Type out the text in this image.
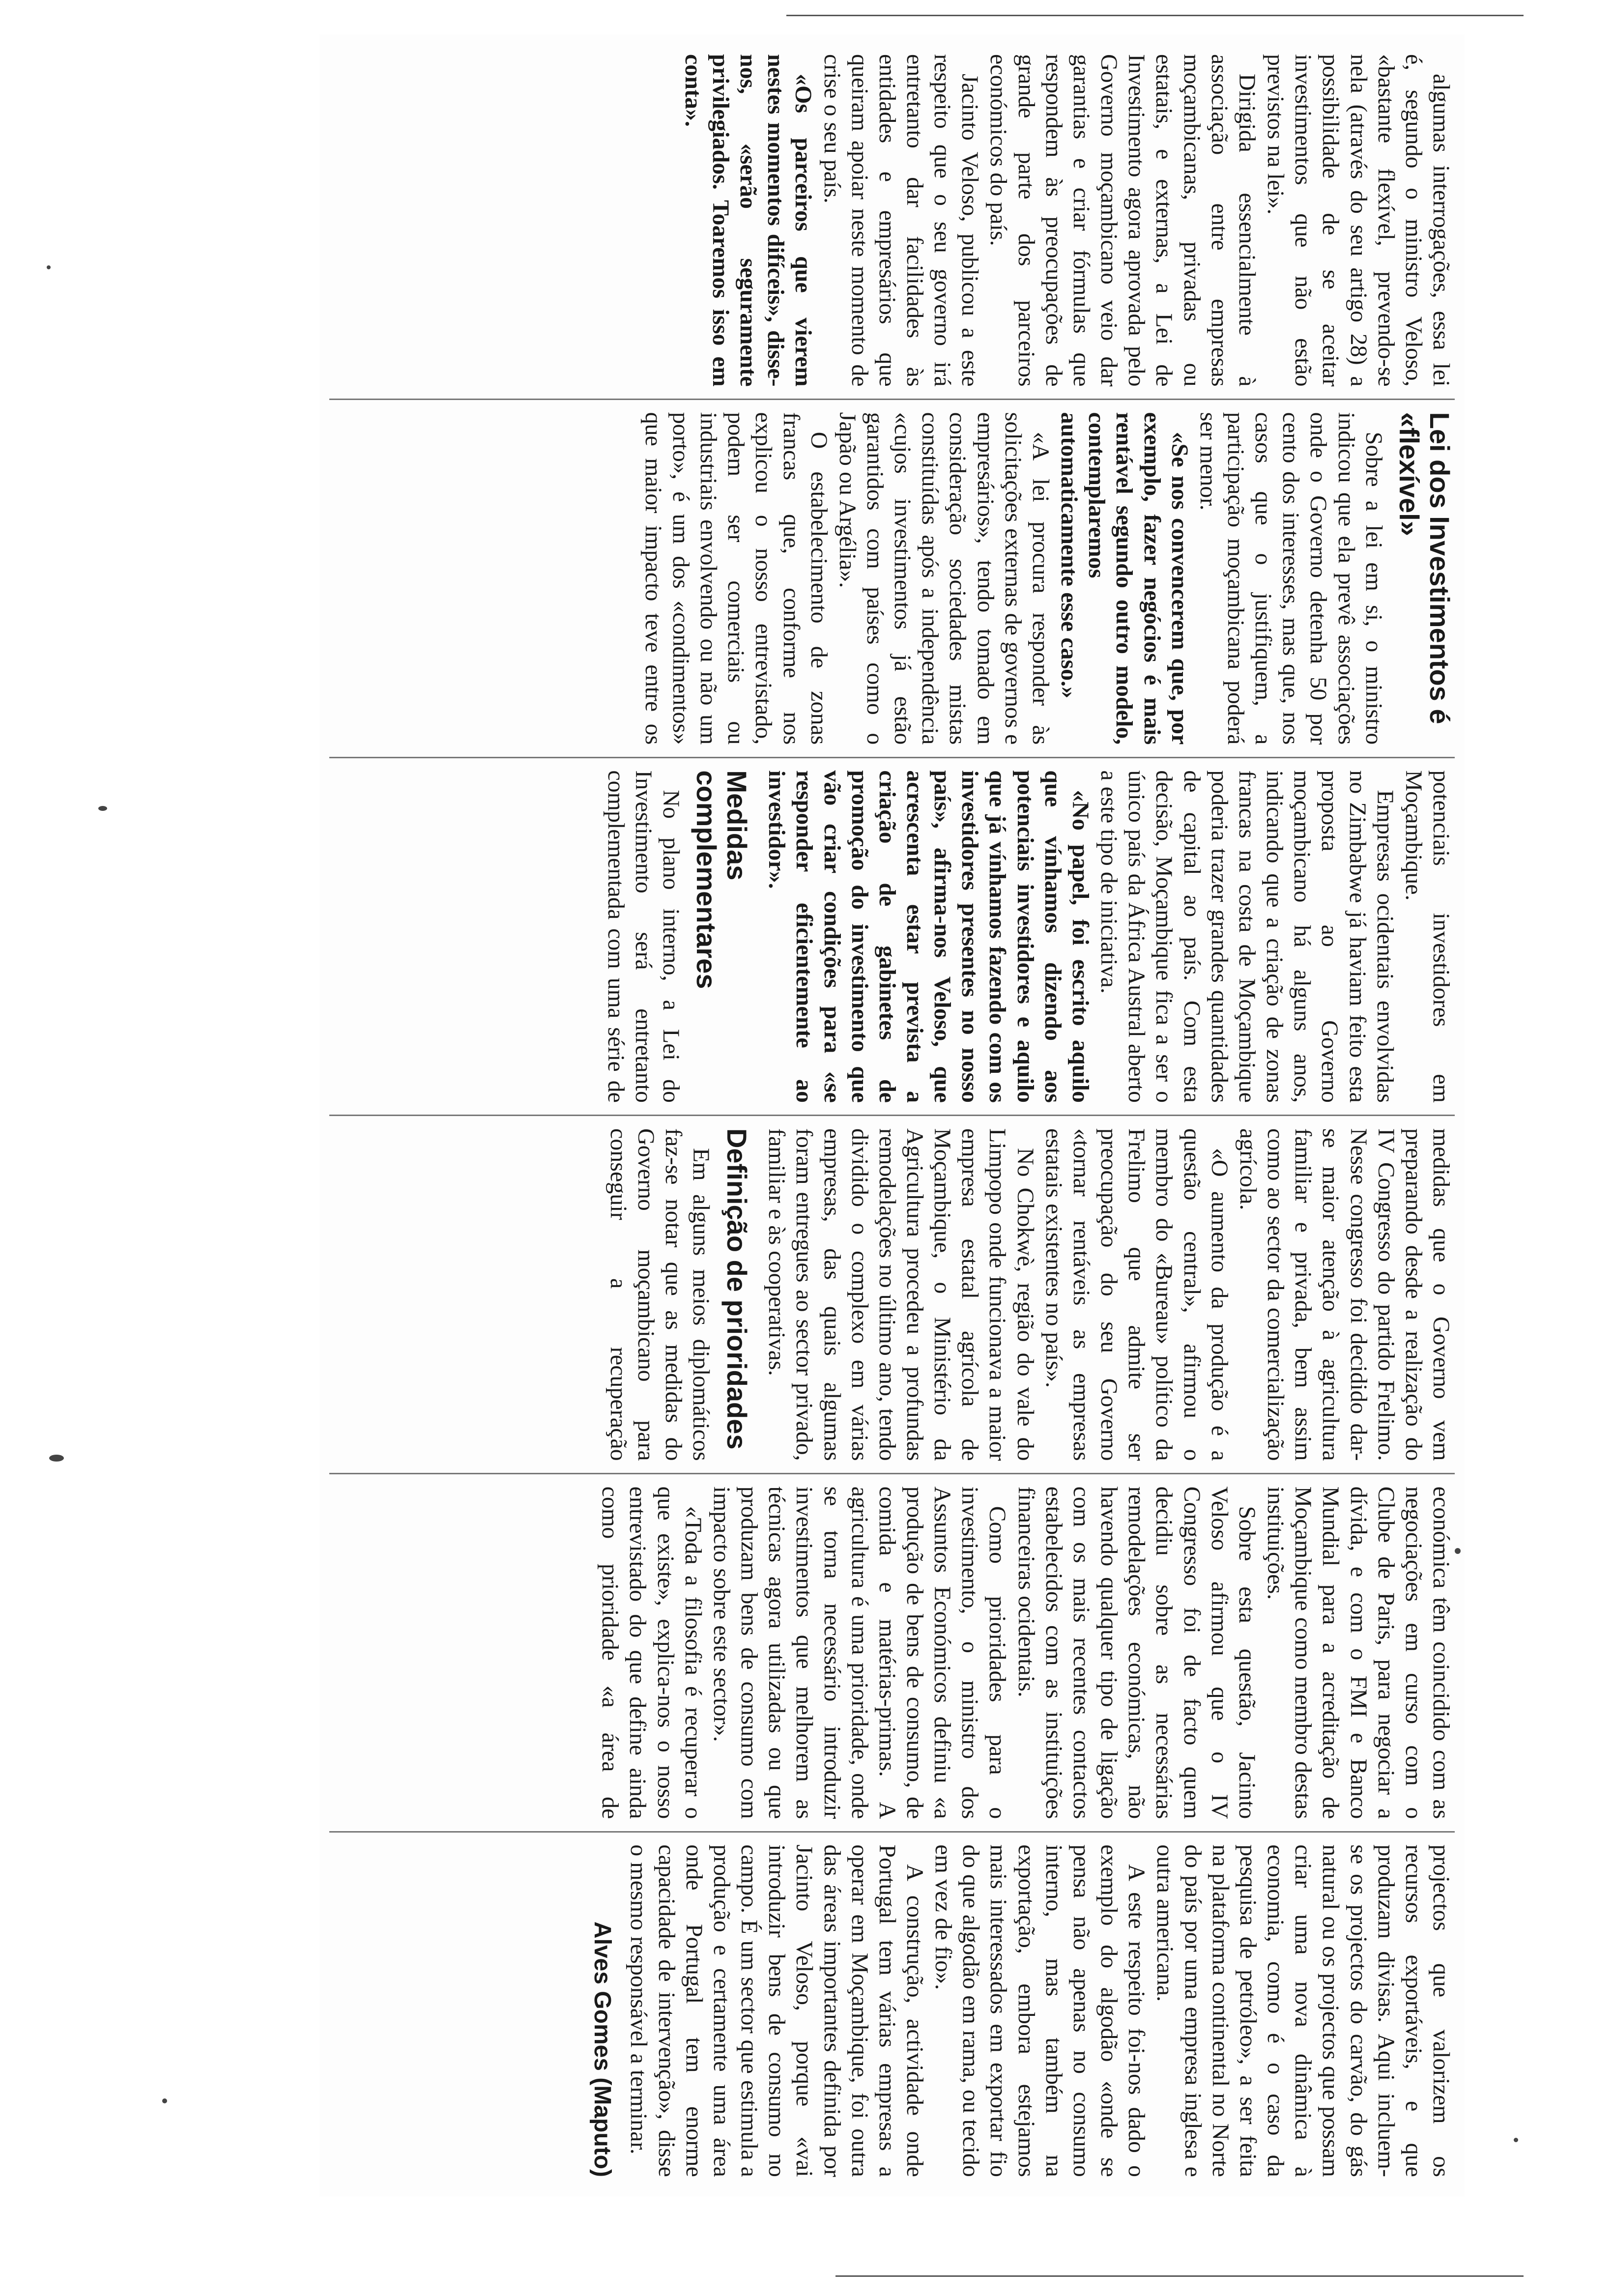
algumas interrogações, essa lei é, segundo o ministro Veloso, «bastante flexível, prevendo-se nela (através do seu artigo 28) a possibilidade de se aceitar investimentos que não estão previstos na lei».

Dirigida essencialmente à associação entre empresas moçambicanas, privadas ou estatais, e externas, a Lei de Investimento agora aprovada pelo Governo moçambicano veio dar garantias e criar fórmulas que respondem às preocupações de grande parte dos parceiros económicos do país.

Jacinto Veloso, publicou a este respeito que o seu governo irá entretanto dar facilidades às entidades e empresários que queiram apoiar neste momento de crise o seu país.

«Os parceiros que vierem nestes momentos difíceis», disse-nos, «serão seguramente privilegiados. Toaremos isso em conta».

Lei dos Investimentos é «flexível»

Sobre a lei em si, o ministro indicou que ela prevê associações onde o Governo detenha 50 por cento dos interesses, mas que, nos casos que o justifiquem, a participação moçambicana poderá ser menor.

«Se nos convencerem que, por exemplo, fazer negócios é mais rentável segundo outro modelo, contemplaremos automaticamente esse caso.»

«A lei procura responder às solicitações externas de governos e empresários», tendo tomado em consideração sociedades mistas constituídas após a independência «cujos investimentos já estão garantidos com países como o Japão ou Argélia».

O estabelecimento de zonas francas que, conforme nos explicou o nosso entrevistado, podem ser comerciais ou industriais envolvendo ou não um porto», é um dos «condimentos» que maior impacto teve entre os potenciais investidores em Moçambique.

Empresas ocidentais envolvidas no Zimbabwe já haviam feito esta proposta ao Governo moçambicano há alguns anos, indicando que a criação de zonas francas na costa de Moçambique poderia trazer grandes quantidades de capital ao país. Com esta decisão, Moçambique fica a ser o único país da África Austral aberto a este tipo de iniciativa.

«No papel, foi escrito aquilo que vínhamos dizendo aos potenciais investidores e aquilo que já vínhamos fazendo com os investidores presentes no nosso país», afirma-nos Veloso, que acrescenta estar prevista a criação de gabinetes de promoção do investimento que vão criar condições para «se responder eficientemente ao investidor».

Medidas complementares

No plano interno, a Lei do Investimento será entretanto complementada com uma série de medidas que o Governo vem preparando desde a realização do IV Congresso do partido Frelimo. Nesse congresso foi decidido dar-se maior atenção à agricultura familiar e privada, bem assim como ao sector da comercialização agrícola.

«O aumento da produção é a questão central», afirmou o membro do «Bureau» político da Frelimo que admite ser preocupação do seu Governo «tornar rentáveis as empresas estatais existentes no país».

No Chokwè, região do vale do Limpopo onde funcionava a maior empresa estatal agrícola de Moçambique, o Ministério da Agricultura procedeu a profundas remodelações no último ano, tendo dividido o complexo em várias empresas, das quais algumas foram entregues ao sector privado, familiar e às cooperativas.

Definição de prioridades

Em alguns meios diplomáticos faz-se notar que as medidas do Governo moçambicano para conseguir a recuperação económica têm coincidido com as negociações em curso com o Clube de Paris, para negociar a dívida, e com o FMI e Banco Mundial para a acreditação de Moçambique como membro destas instituições.

Sobre esta questão, Jacinto Veloso afirmou que o IV Congresso foi de facto quem decidiu sobre as necessárias remodelações económicas, não havendo qualquer tipo de ligação com os mais recentes contactos estabelecidos com as instituições financeiras ocidentais.

Como prioridades para o investimento, o ministro dos Assuntos Económicos definiu «a produção de bens de consumo, de comida e matérias-primas. A agricultura é uma prioridade, onde se torna necessário introduzir investimentos que melhorem as técnicas agora utilizadas ou que produzam bens de consumo com impacto sobre este sector».

«Toda a filosofia é recuperar o que existe», explica-nos o nosso entrevistado do que define ainda como prioridade «a área de projectos que valorizem os recursos exportáveis, e que produzam divisas. Aqui incluem-se os projectos do carvão, do gás natural ou os projectos que possam criar uma nova dinâmica à economia, como é o caso da pesquisa de petróleo», a ser feita na plataforma continental no Norte do país por uma empresa inglesa e outra americana.

A este respeito foi-nos dado o exemplo do algodão «onde se pensa não apenas no consumo interno, mas também na exportação, embora estejamos mais interessados em exportar fio do que algodão em rama, ou tecido em vez de fio».

A construção, actividade onde Portugal tem várias empresas a operar em Moçambique, foi outra das áreas importantes definida por Jacinto Veloso, porque «vai introduzir bens de consumo no campo. É um sector que estimula a produção e certamente uma área onde Portugal tem enorme capacidade de intervenção», disse o mesmo responsável a terminar.

Alves Gomes (Maputo)
